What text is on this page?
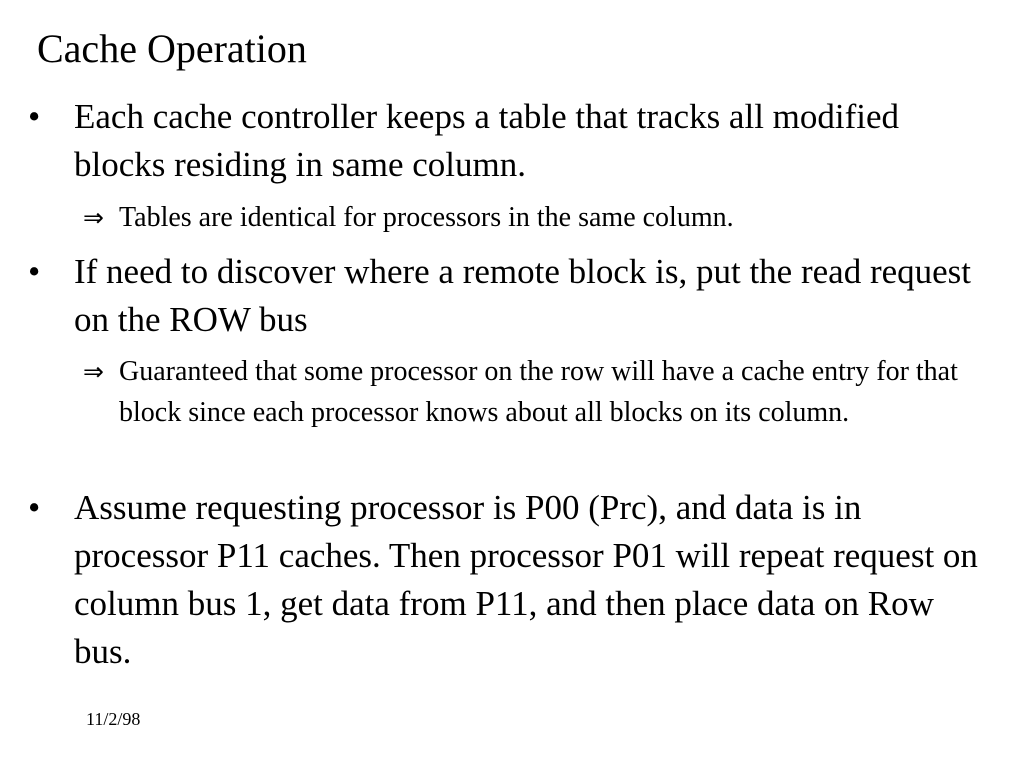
Cache Operation
• Each cache controller keeps a table that tracks all modified blocks residing in same column.
⇒ Tables are identical for processors in the same column.
• If need to discover where a remote block is, put the read request on the ROW bus
⇒ Guaranteed that some processor on the row will have a cache entry for that block since each processor knows about all blocks on its column.
• Assume requesting processor is P00 (Prc), and data is in processor P11 caches. Then processor P01 will repeat request on column bus 1, get data from P11, and then place data on Row bus.
11/2/98
